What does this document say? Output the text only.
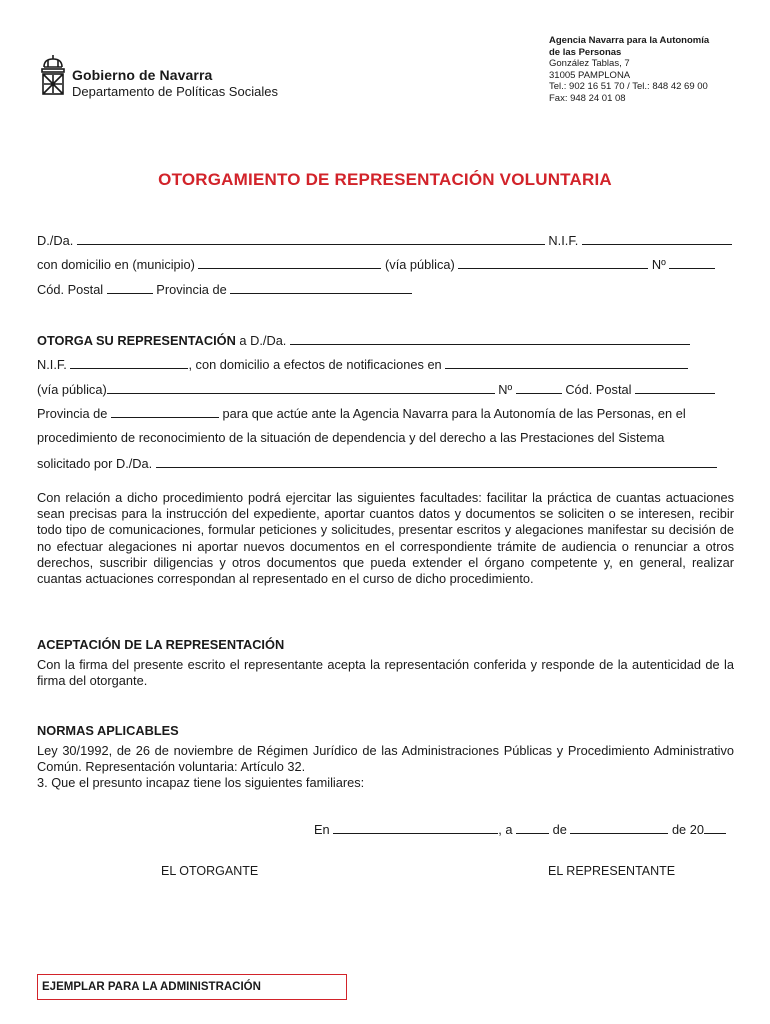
Gobierno de Navarra
Departamento de Políticas Sociales
Agencia Navarra para la Autonomía
de las Personas
González Tablas, 7
31005 PAMPLONA
Tel.: 902 16 51 70 / Tel.: 848 42 69 00
Fax: 948 24 01 08
OTORGAMIENTO DE REPRESENTACIÓN VOLUNTARIA
D./Da.	N.I.F.
con domicilio en (municipio)	(vía pública)	Nº
Cód. Postal	Provincia de
OTORGA SU REPRESENTACIÓN a D./Da.
N.I.F.	, con domicilio a efectos de notificaciones en
(vía pública)	Nº	Cód. Postal
Provincia de	para que actúe ante la Agencia Navarra para la Autonomía de las Personas, en el
procedimiento de reconocimiento de la situación de dependencia y del derecho a las Prestaciones del Sistema
solicitado por D./Da.
Con relación a dicho procedimiento podrá ejercitar las siguientes facultades: facilitar la práctica de cuantas actuaciones sean precisas para la instrucción del expediente, aportar cuantos datos y documentos se soliciten o se interesen, recibir todo tipo de comunicaciones, formular peticiones y solicitudes, presentar escritos y alegaciones manifestar su decisión de no efectuar alegaciones ni aportar nuevos documentos en el correspondiente trámite de audiencia o renunciar a otros derechos, suscribir diligencias y otros documentos que pueda extender el órgano competente y, en general, realizar cuantas actuaciones correspondan al representado en el curso de dicho procedimiento.
ACEPTACIÓN DE LA REPRESENTACIÓN
Con la firma del presente escrito el representante acepta la representación conferida y responde de la autenticidad de la firma del otorgante.
NORMAS APLICABLES
Ley 30/1992, de 26 de noviembre de Régimen Jurídico de las Administraciones Públicas y Procedimiento Administrativo Común. Representación voluntaria: Artículo 32.
3. Que el presunto incapaz tiene los siguientes familiares:
En	, a	de	de 20
EL OTORGANTE	EL REPRESENTANTE
EJEMPLAR PARA LA ADMINISTRACIÓN
